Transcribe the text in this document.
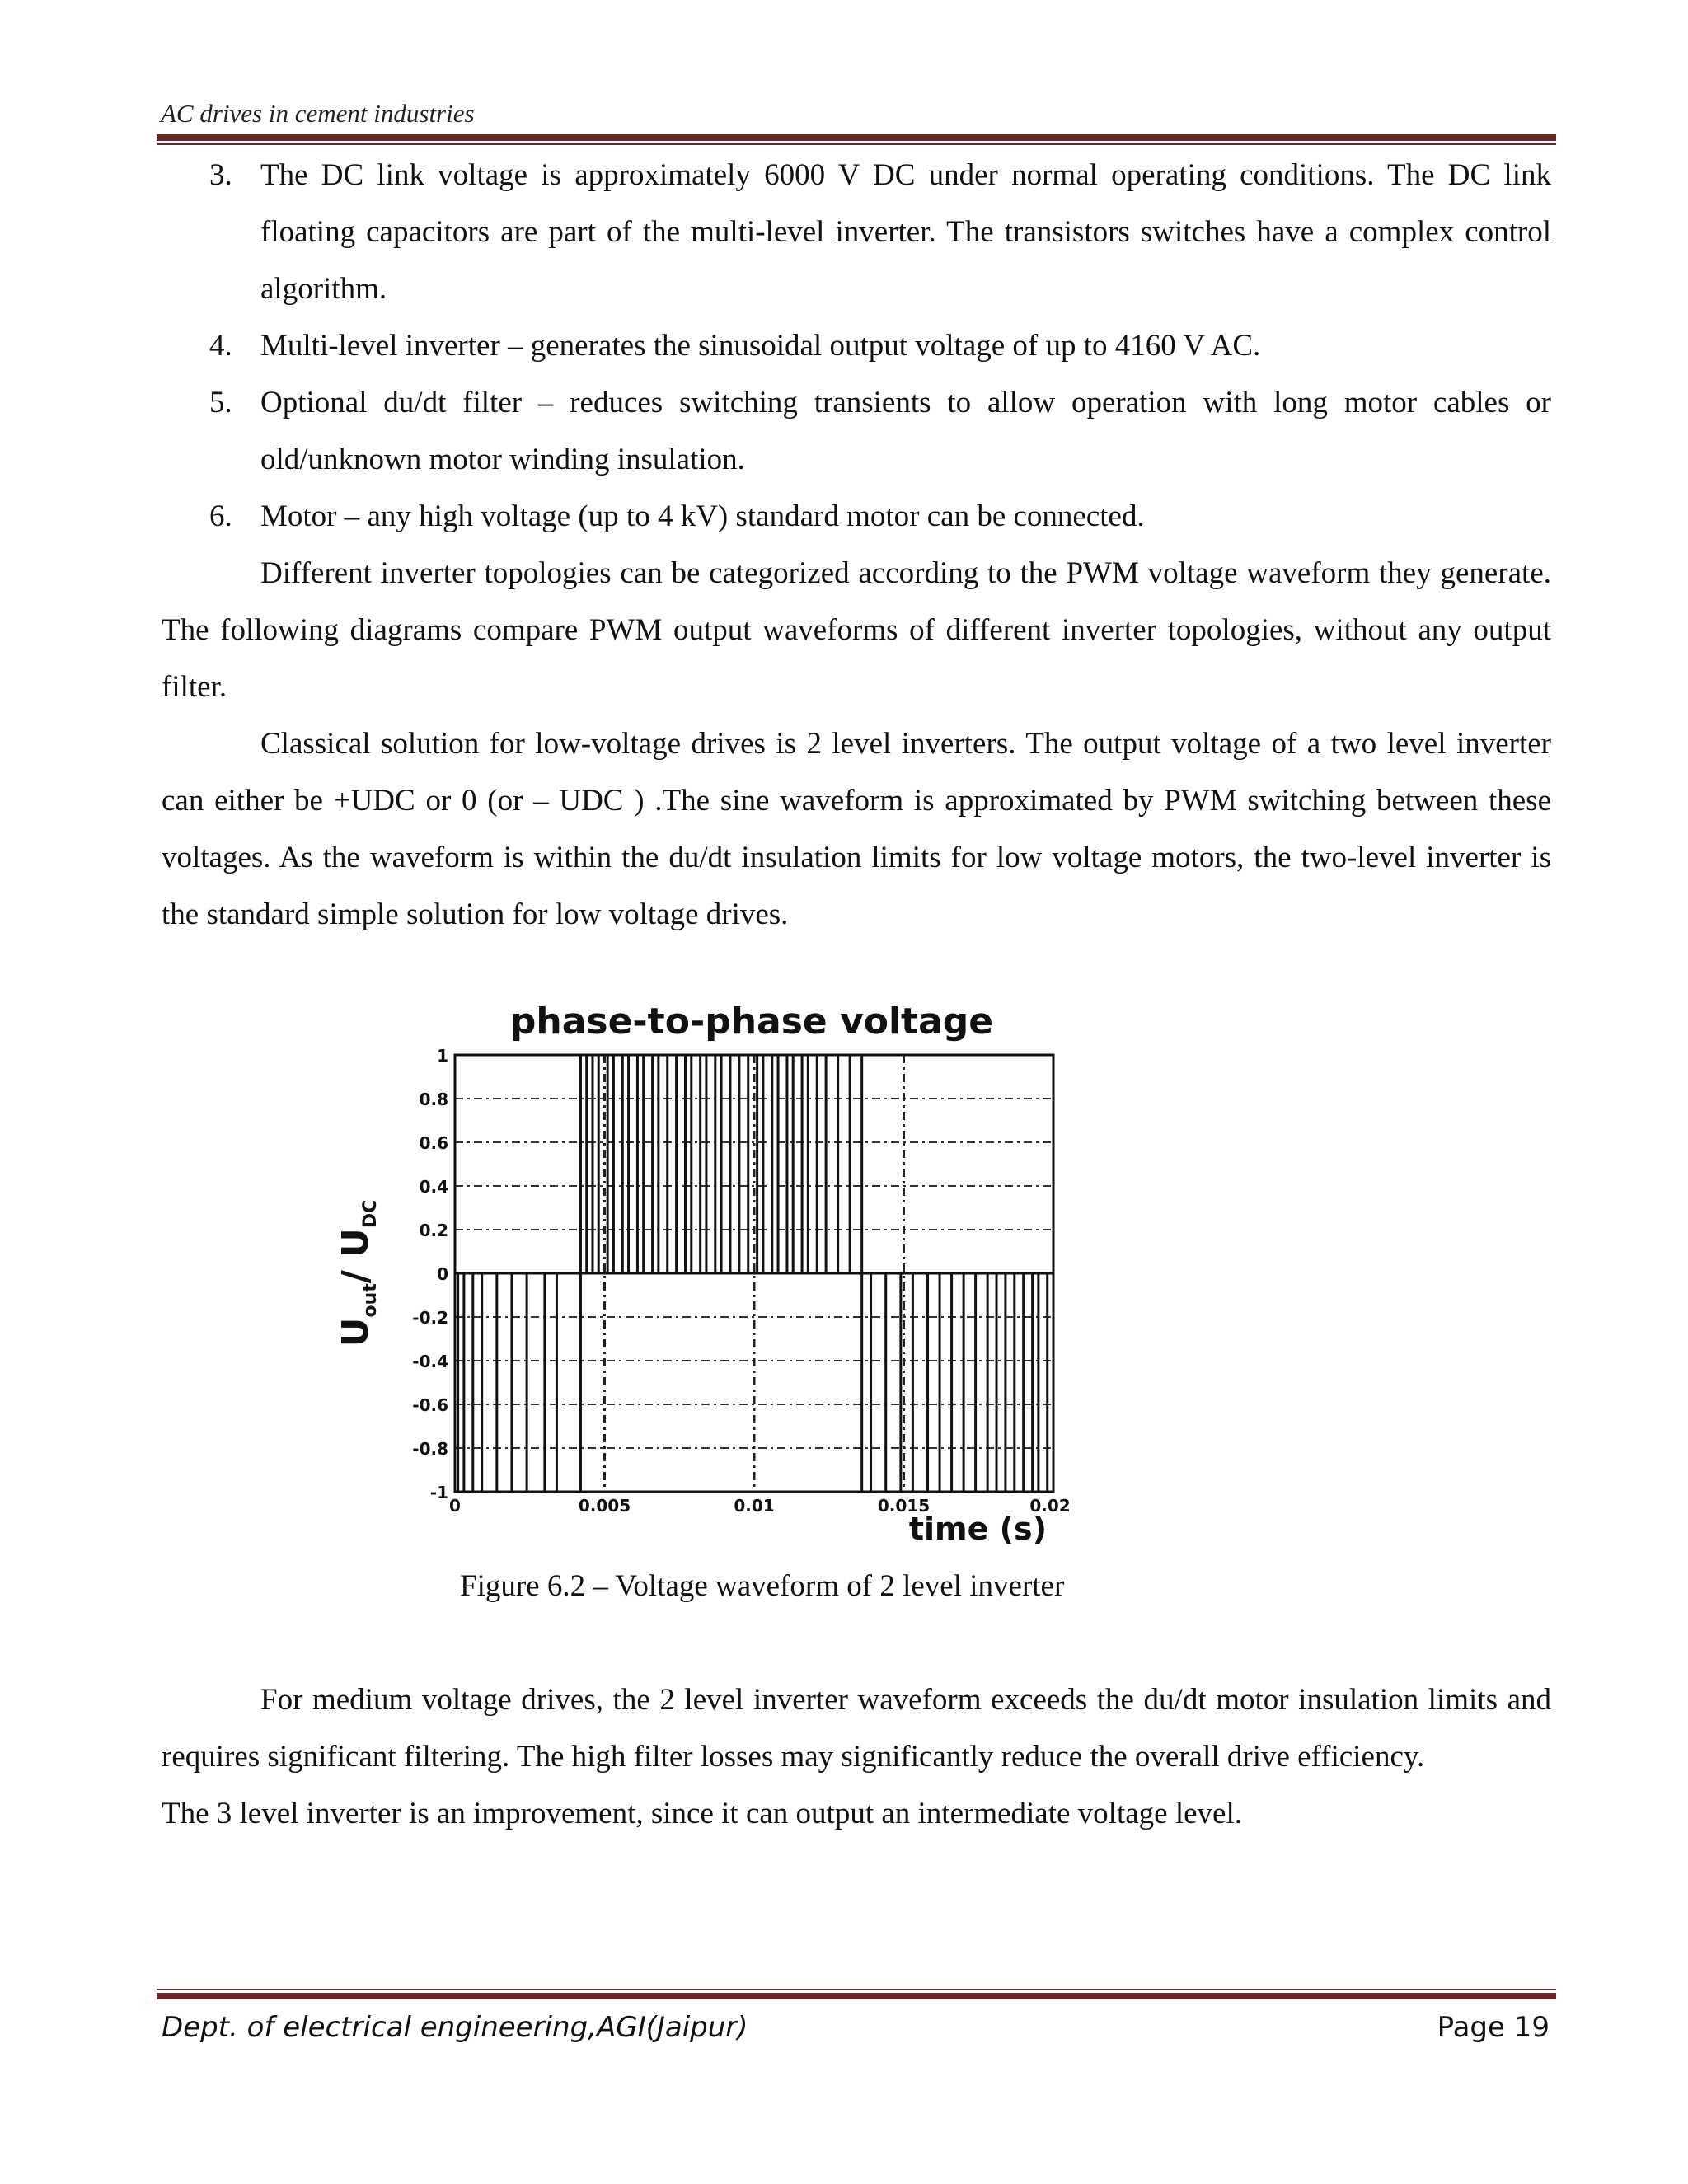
AC drives in cement industries
3. The DC link voltage is approximately 6000 V DC under normal operating conditions. The DC link floating capacitors are part of the multi-level inverter. The transistors switches have a complex control algorithm.
4. Multi-level inverter – generates the sinusoidal output voltage of up to 4160 V AC.
5. Optional du/dt filter – reduces switching transients to allow operation with long motor cables or old/unknown motor winding insulation.
6. Motor – any high voltage (up to 4 kV) standard motor can be connected.

Different inverter topologies can be categorized according to the PWM voltage waveform they generate. The following diagrams compare PWM output waveforms of different inverter topologies, without any output filter.

Classical solution for low-voltage drives is 2 level inverters. The output voltage of a two level inverter can either be +UDC or 0 (or – UDC ) .The sine waveform is approximated by PWM switching between these voltages. As the waveform is within the du/dt insulation limits for low voltage motors, the two-level inverter is the standard simple solution for low voltage drives.

phase-to-phase voltage
1
0.8
0.6
0.4
0.2
0
-0.2
-0.4
-0.6
-0.8
-1
0	0.005	0.01	0.015	0.02
time (s)
$U_{out}/$ $U_{DC}$
Figure 6.2 – Voltage waveform of 2 level inverter

For medium voltage drives, the 2 level inverter waveform exceeds the du/dt motor insulation limits and requires significant filtering. The high filter losses may significantly reduce the overall drive efficiency.

The 3 level inverter is an improvement, since it can output an intermediate voltage level.

Dept. of electrical engineering,AGI(Jaipur)	Page 19
